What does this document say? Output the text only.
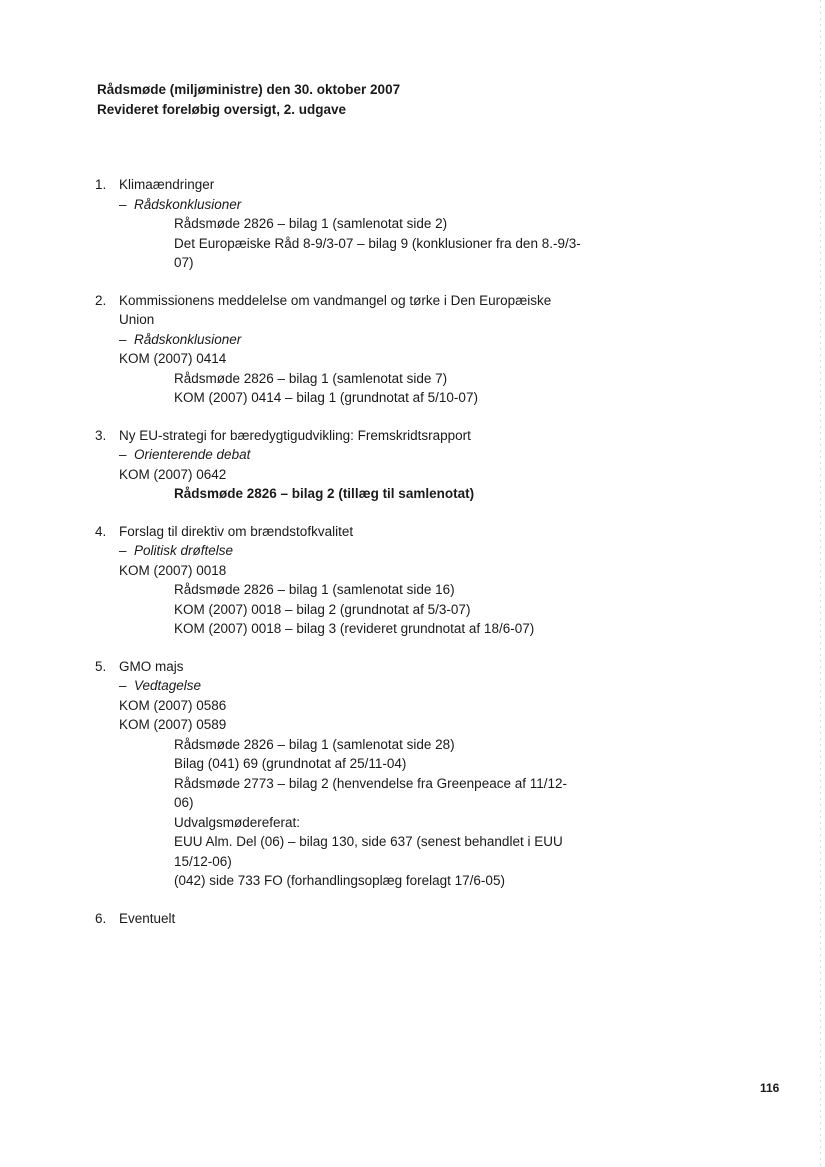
Rådsmøde (miljøministre) den 30. oktober 2007
Revideret foreløbig oversigt, 2. udgave
1. Klimaændringer
– Rådskonklusioner
Rådsmøde 2826 – bilag 1 (samlenotat side 2)
Det Europæiske Råd 8-9/3-07 – bilag 9 (konklusioner fra den 8.-9/3-07)
2. Kommissionens meddelelse om vandmangel og tørke i Den Europæiske Union
– Rådskonklusioner
KOM (2007) 0414
Rådsmøde 2826 – bilag 1 (samlenotat side 7)
KOM (2007) 0414 – bilag 1 (grundnotat af 5/10-07)
3. Ny EU-strategi for bæredygtigudvikling: Fremskridtsrapport
– Orienterende debat
KOM (2007) 0642
Rådsmøde 2826 – bilag 2 (tillæg til samlenotat)
4. Forslag til direktiv om brændstofkvalitet
– Politisk drøftelse
KOM (2007) 0018
Rådsmøde 2826 – bilag 1 (samlenotat side 16)
KOM (2007) 0018 – bilag 2 (grundnotat af 5/3-07)
KOM (2007) 0018 – bilag 3 (revideret grundnotat af 18/6-07)
5. GMO majs
– Vedtagelse
KOM (2007) 0586
KOM (2007) 0589
Rådsmøde 2826 – bilag 1 (samlenotat side 28)
Bilag (041) 69 (grundnotat af 25/11-04)
Rådsmøde 2773 – bilag 2 (henvendelse fra Greenpeace af 11/12-06)
Udvalgsmødereferat:
EUU Alm. Del (06) – bilag 130, side 637 (senest behandlet i EUU 15/12-06)
(042) side 733 FO (forhandlingsoplæg forelagt 17/6-05)
6. Eventuelt
116
